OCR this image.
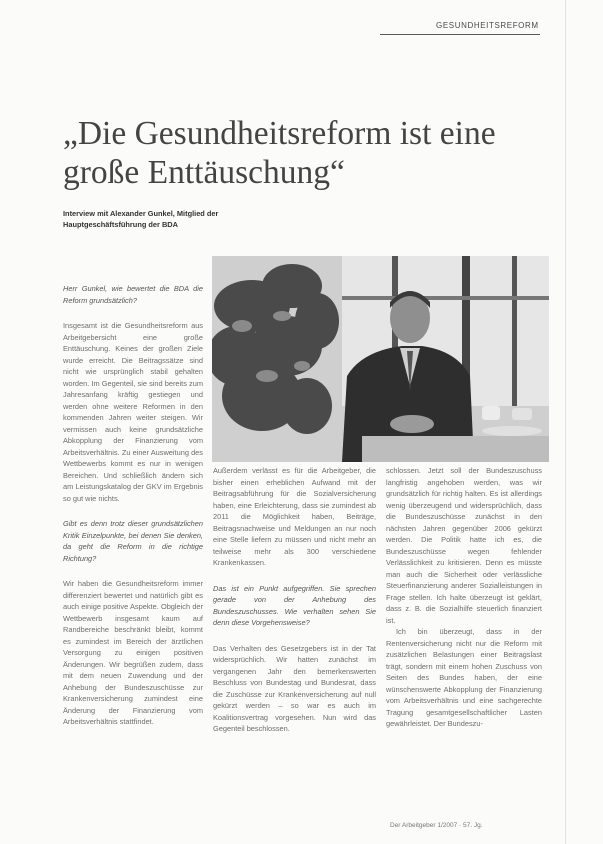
GESUNDHEITSREFORM
„Die Gesundheitsreform ist eine große Enttäuschung“
Interview mit Alexander Gunkel, Mitglied der Hauptgeschäftsführung der BDA

Herr Gunkel, wie bewertet die BDA die Reform grundsätzlich?

Insgesamt ist die Gesundheitsreform aus Arbeitgebersicht eine große Enttäuschung. Keines der großen Ziele wurde erreicht. Die Beitragssätze sind nicht wie ursprünglich stabil gehalten worden. Im Gegenteil, sie sind bereits zum Jahresanfang kräftig gestiegen und werden ohne weitere Reformen in den kommenden Jahren weiter steigen. Wir vermissen auch keine grundsätzliche Abkopplung der Finanzierung vom Arbeitsverhältnis. Zu einer Ausweitung des Wettbewerbs kommt es nur in wenigen Bereichen. Und schließlich ändern sich am Leistungskatalog der GKV im Ergebnis so gut wie nichts.

Gibt es denn trotz dieser grundsätzlichen Kritik Einzelpunkte, bei denen Sie denken, da geht die Reform in die richtige Richtung?

Wir haben die Gesundheitsreform immer differenziert bewertet und natürlich gibt es auch einige positive Aspekte. Obgleich der Wettbewerb insgesamt kaum auf Randbereiche beschränkt bleibt, kommt es zumindest im Bereich der ärztlichen Versorgung zu einigen positiven Änderungen. Wir begrüßen zudem, dass mit dem neuen Zuwendung und der Anhebung der Bundeszuschüsse zur Krankenversicherung zumindest eine Änderung der Finanzierung vom Arbeitsverhältnis stattfindet.

Außerdem verlässt es für die Arbeitgeber, die bisher einen erheblichen Aufwand mit der Beitragsabführung für die Sozialversicherung haben, eine Erleichterung, dass sie zumindest ab 2011 die Möglichkeit haben, Beiträge, Beitragsnachweise und Meldungen an nur noch eine Stelle liefern zu müssen und nicht mehr an teilweise mehr als 300 verschiedene Krankenkassen.

Das ist ein Punkt aufgegriffen. Sie sprechen gerade von der Anhebung des Bundeszuschusses. Wie verhalten sehen Sie denn diese Vorgehensweise?

Das Verhalten des Gesetzgebers ist in der Tat widersprüchlich. Wir hatten zunächst im vergangenen Jahr den bemerkenswerten Beschluss von Bundestag und Bundesrat, dass die Zuschüsse zur Krankenversicherung auf null gekürzt werden – so war es auch im Koalitionsvertrag vorgesehen. Nun wird das Gegenteil beschlossen.

schlossen. Jetzt soll der Bundeszuschuss langfristig angehoben werden, was wir grundsätzlich für richtig halten. Es ist allerdings wenig überzeugend und widersprüchlich, dass die Bundeszuschüsse zunächst in den nächsten Jahren gegenüber 2006 gekürzt werden. Die Politik hatte ich es, die Bundeszuschüsse wegen fehlender Verlässlichkeit zu kritisieren. Denn es müsste man auch die Sicherheit oder verlässliche Steuerfinanzierung anderer Sozialleistungen in Frage stellen. Ich halte überzeugt ist geklärt, dass z. B. die Sozialhilfe steuerlich finanziert ist.

Ich bin überzeugt, dass in der Rentenversicherung nicht nur die Reform mit zusätzlichen Belastungen einer Beitragslast trägt, sondern mit einem hohen Zuschuss von Seiten des Bundes haben, der eine wünschenswerte Abkopplung der Finanzierung vom Arbeitsverhältnis und eine sachgerechte Tragung gesamtgesellschaftlicher Lasten gewährleistet. Der Bundeszu-

Der Arbeitgeber 1/2007 · 57. Jg.
